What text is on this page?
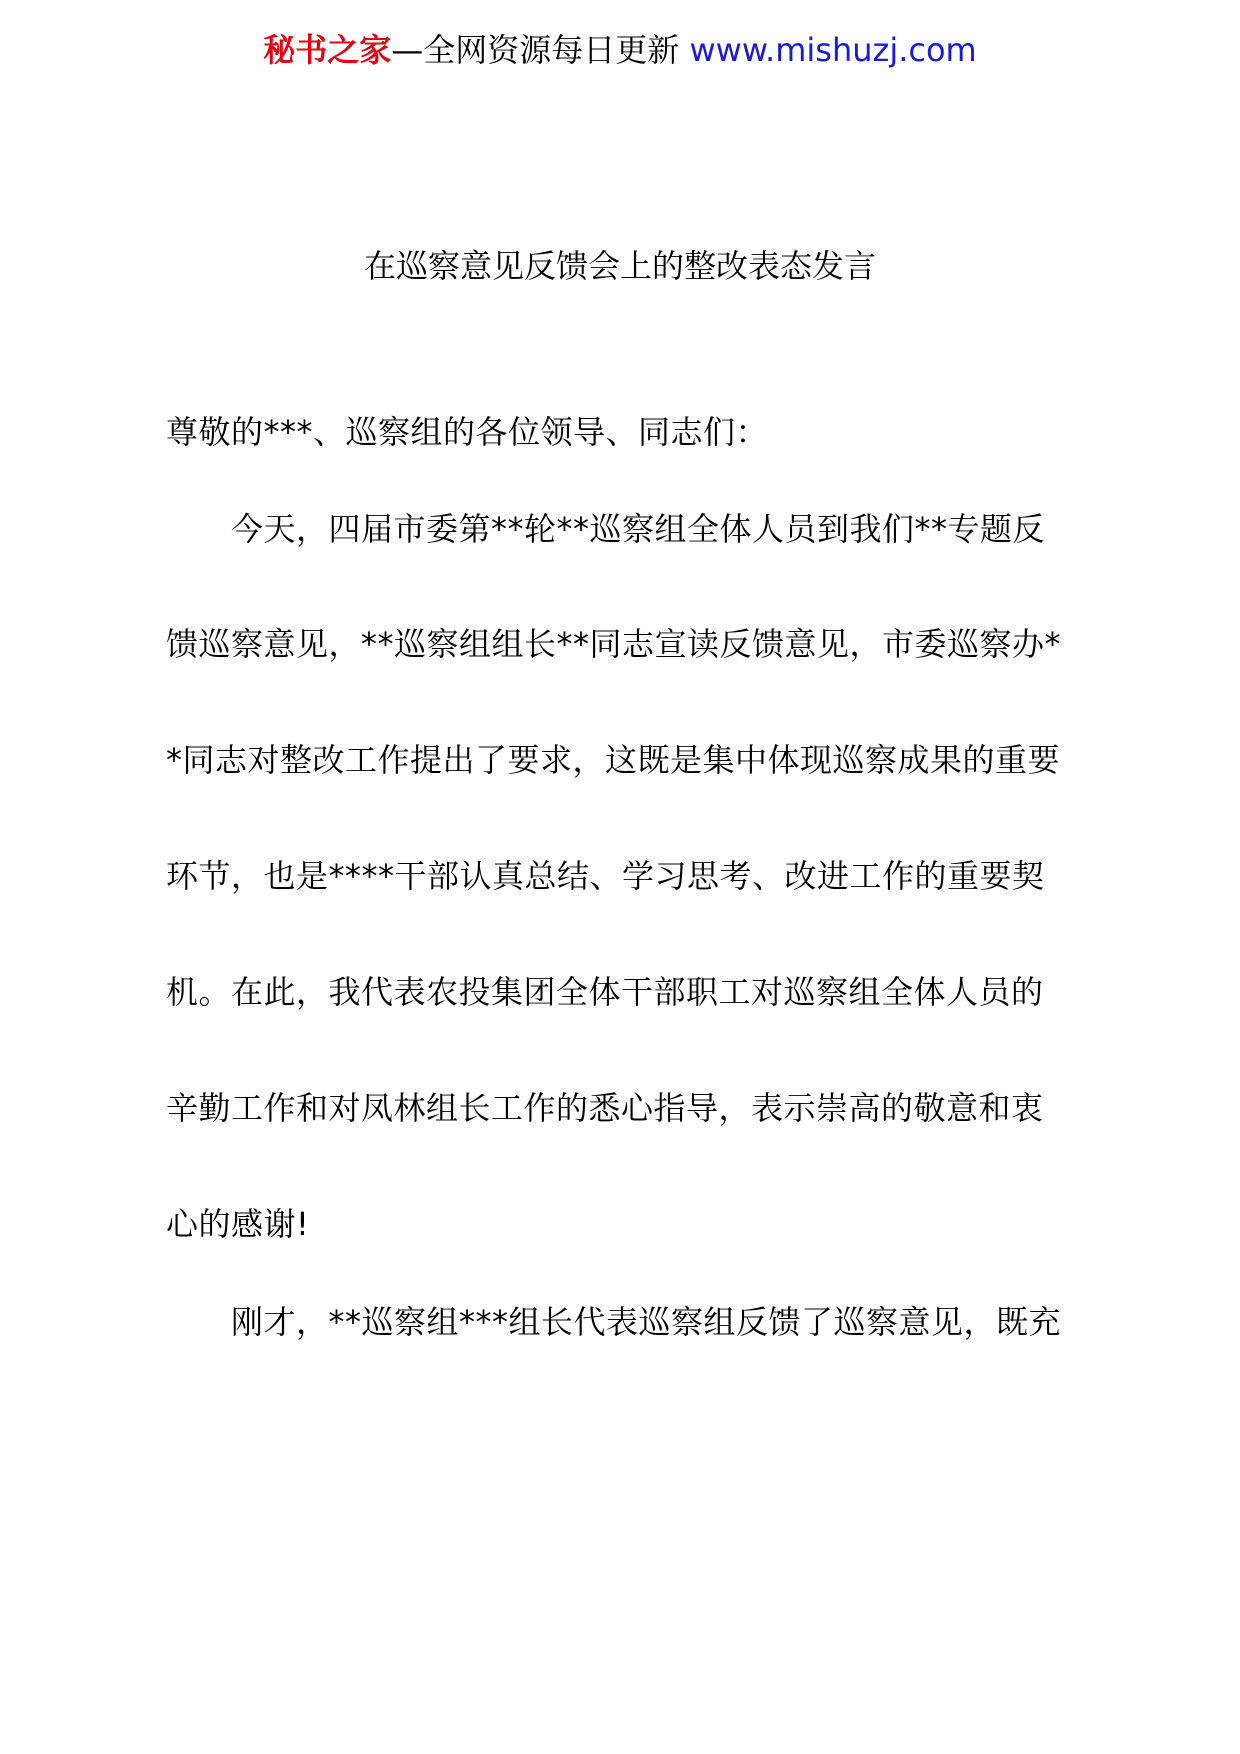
秘书之家—全网资源每日更新 www.mishuzj.com
在巡察意见反馈会上的整改表态发言
尊敬的***、巡察组的各位领导、同志们：
　　今天，四届市委第**轮**巡察组全体人员到我们**专题反
馈巡察意见，**巡察组组长**同志宣读反馈意见，市委巡察办*
*同志对整改工作提出了要求，这既是集中体现巡察成果的重要
环节，也是****干部认真总结、学习思考、改进工作的重要契
机。在此，我代表农投集团全体干部职工对巡察组全体人员的
辛勤工作和对凤林组长工作的悉心指导，表示崇高的敬意和衷
心的感谢!
　　刚才，**巡察组***组长代表巡察组反馈了巡察意见，既充
